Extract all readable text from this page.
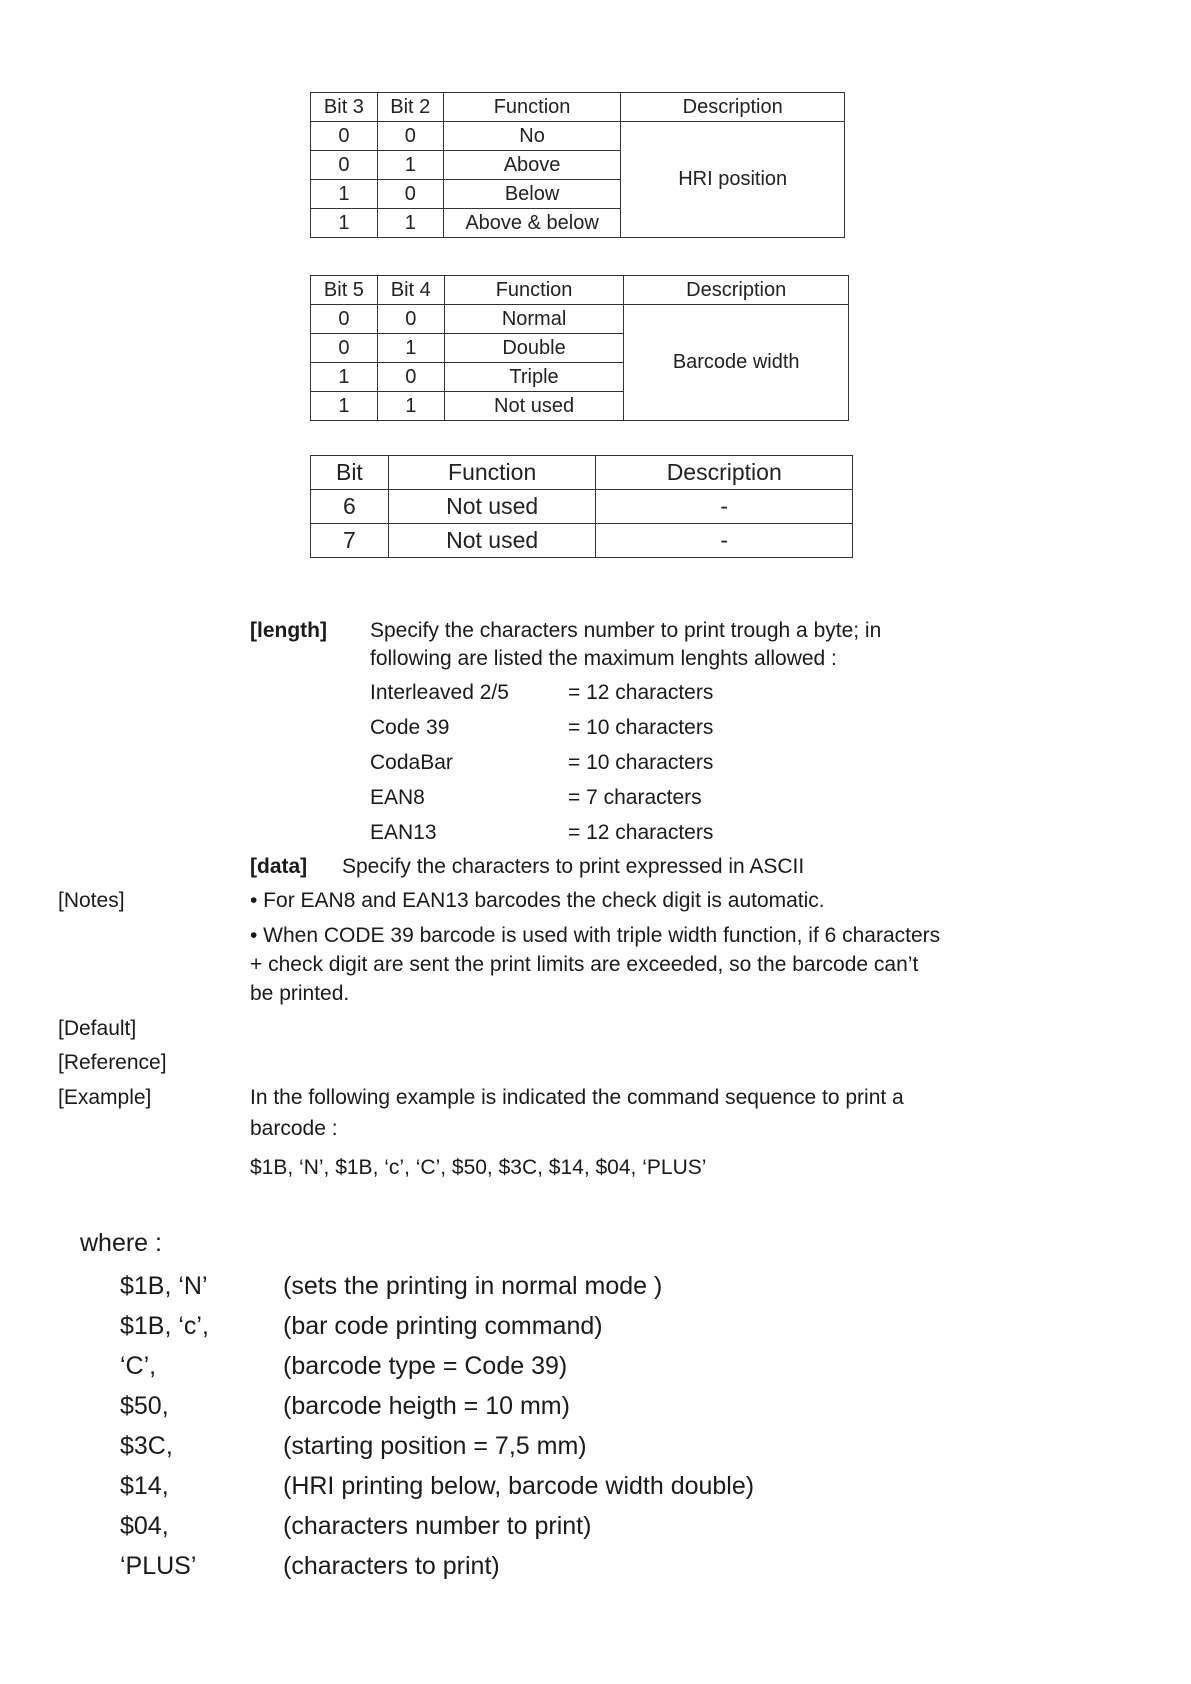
Bit 3	Bit 2	Function	Description
0	0	No	HRI position
0	1	Above	
1	0	Below	
1	1	Above & below	
Bit 5	Bit 4	Function	Description
0	0	Normal	Barcode width
0	1	Double	
1	0	Triple	
1	1	Not used	
Bit	Function	Description
6	Not used	-
7	Not used	-
[length] Specify the characters number to print trough a byte; in
following are listed the maximum lenghts allowed :
Interleaved 2/5	= 12 characters
Code 39	= 10 characters
CodaBar	= 10 characters
EAN8	= 7 characters
EAN13	= 12 characters
[data] Specify the characters to print expressed in ASCII
[Notes]	• For EAN8 and EAN13 barcodes the check digit is automatic.
• When CODE 39 barcode is used with triple width function, if 6 characters
+ check digit are sent the print limits are exceeded, so the barcode can’t
be printed.
[Default]
[Reference]
[Example]	In the following example is indicated the command sequence to print a
barcode :
$1B, ‘N’, $1B, ‘c’, ‘C’, $50, $3C, $14, $04, ‘PLUS’
where :
$1B, ‘N’	(sets the printing in normal mode )
$1B, ‘c’,	(bar code printing command)
‘C’,	(barcode type = Code 39)
$50,	(barcode heigth = 10 mm)
$3C,	(starting position = 7,5 mm)
$14,	(HRI printing below, barcode width double)
$04,	(characters number to print)
‘PLUS’	(characters to print)
